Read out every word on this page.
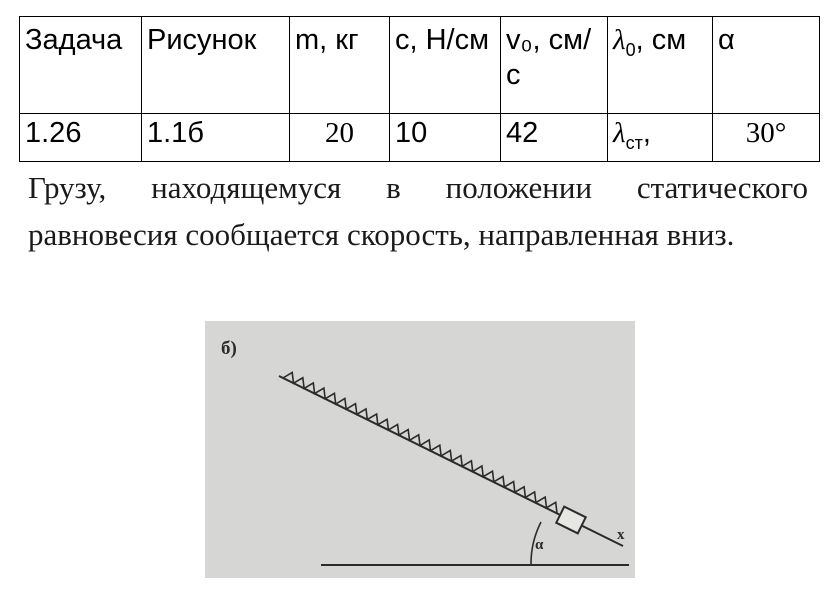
Задача	Рисунок	m, кг	с, Н/см	v₀, см/с	$\lambda_0$, см	α
1.26	1.1б	20	10	42	$\lambda_{ст}$,	30°

Грузу, находящемуся в положении статического равновесия сообщается скорость, направленная вниз.

б)
α
x
